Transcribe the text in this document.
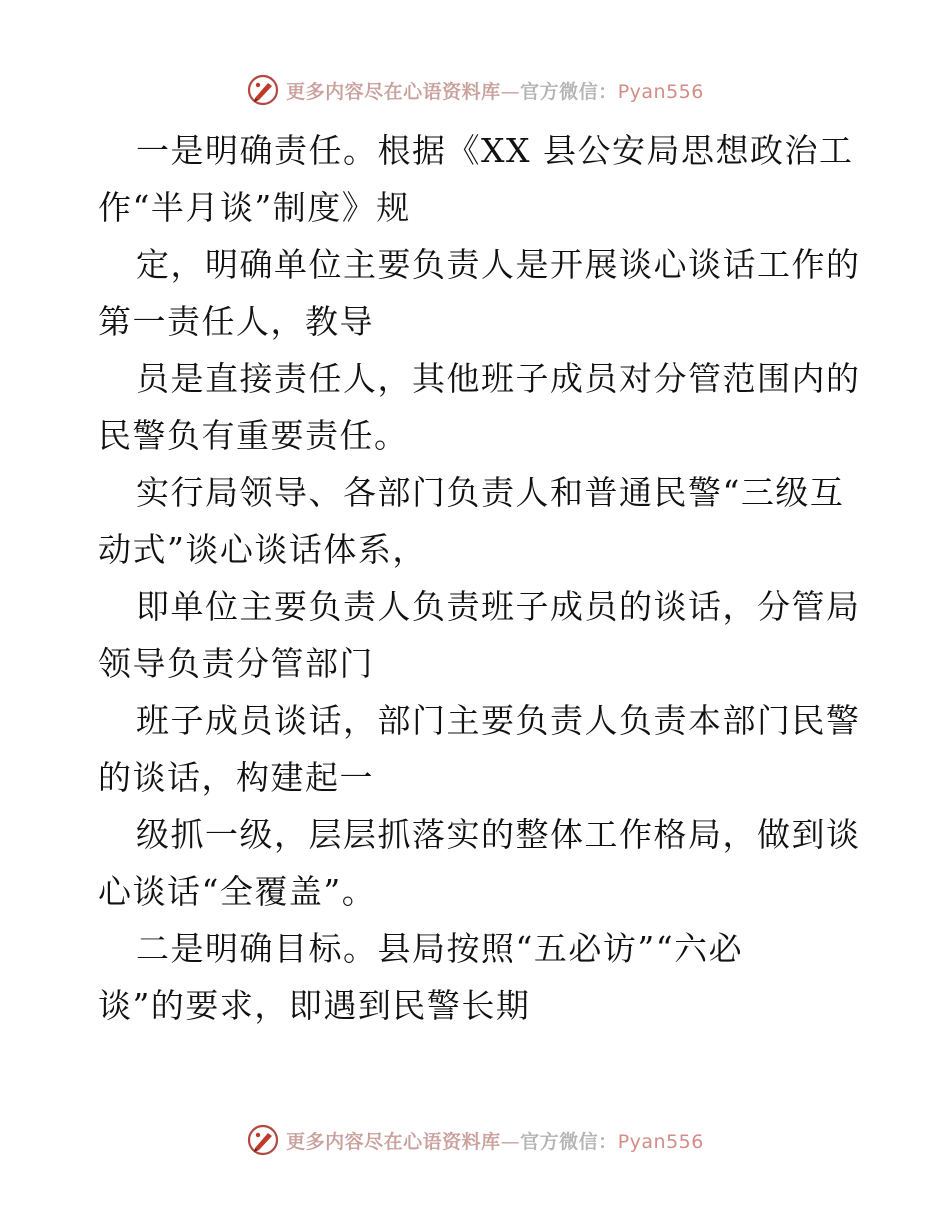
更多内容尽在心语资料库—官方微信：Pyan556

一是明确责任。根据《XX 县公安局思想政治工

作“半月谈”制度》规

定，明确单位主要负责人是开展谈心谈话工作的

第一责任人，教导

员是直接责任人，其他班子成员对分管范围内的

民警负有重要责任。

实行局领导、各部门负责人和普通民警“三级互

动式”谈心谈话体系，

即单位主要负责人负责班子成员的谈话，分管局

领导负责分管部门

班子成员谈话，部门主要负责人负责本部门民警

的谈话，构建起一

级抓一级，层层抓落实的整体工作格局，做到谈

心谈话“全覆盖”。

二是明确目标。县局按照“五必访”“六必

谈”的要求，即遇到民警长期

更多内容尽在心语资料库—官方微信：Pyan556
